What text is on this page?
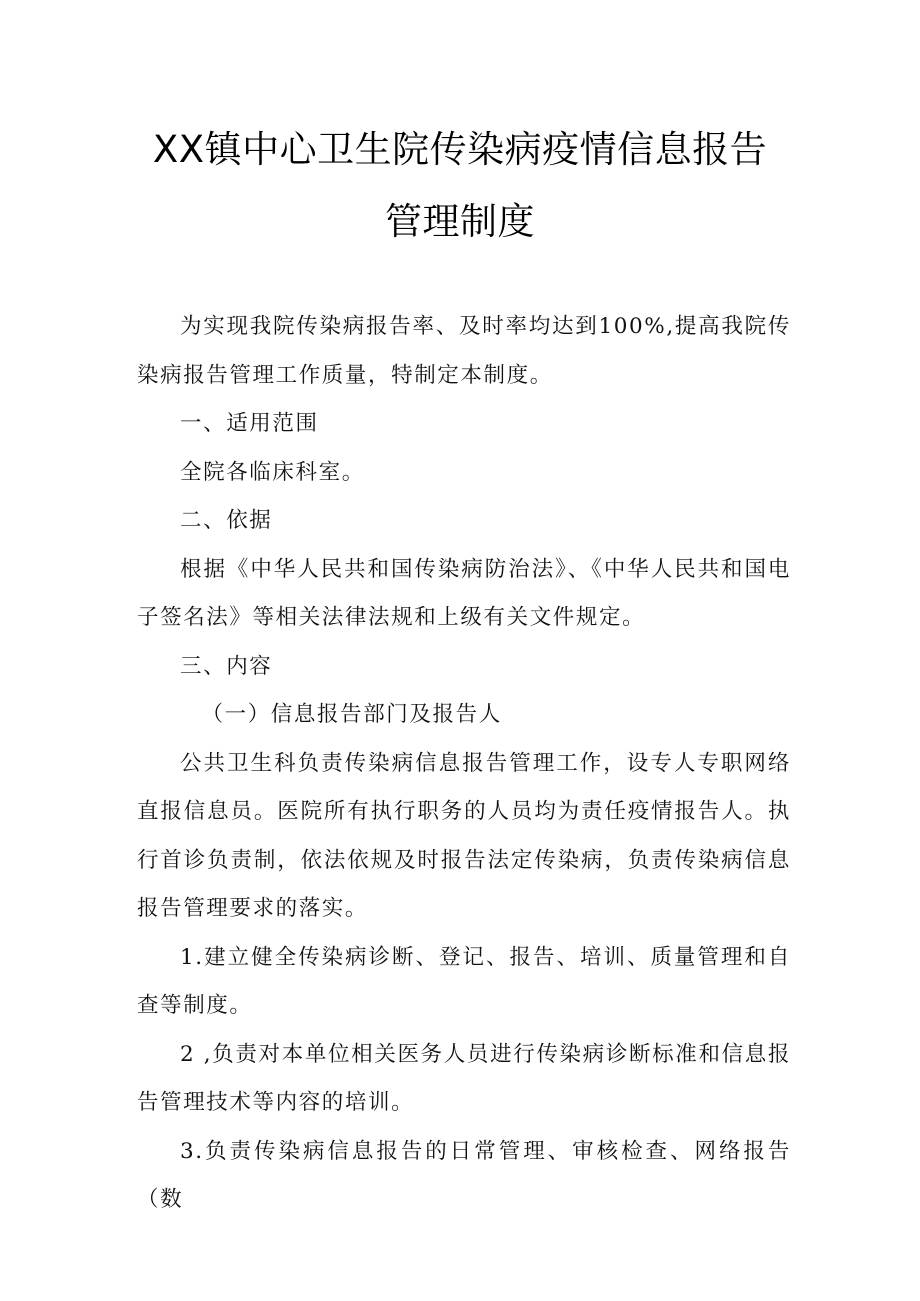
XX镇中心卫生院传染病疫情信息报告
管理制度

为实现我院传染病报告率、及时率均达到100%,提高我院传染病报告管理工作质量，特制定本制度。

一、适用范围

全院各临床科室。

二、依据

根据《中华人民共和国传染病防治法》、《中华人民共和国电子签名法》等相关法律法规和上级有关文件规定。

三、内容

（一）信息报告部门及报告人

公共卫生科负责传染病信息报告管理工作，设专人专职网络直报信息员。医院所有执行职务的人员均为责任疫情报告人。执行首诊负责制，依法依规及时报告法定传染病，负责传染病信息报告管理要求的落实。

1.建立健全传染病诊断、登记、报告、培训、质量管理和自查等制度。

2 ,负责对本单位相关医务人员进行传染病诊断标准和信息报告管理技术等内容的培训。

3.负责传染病信息报告的日常管理、审核检查、网络报告（数
